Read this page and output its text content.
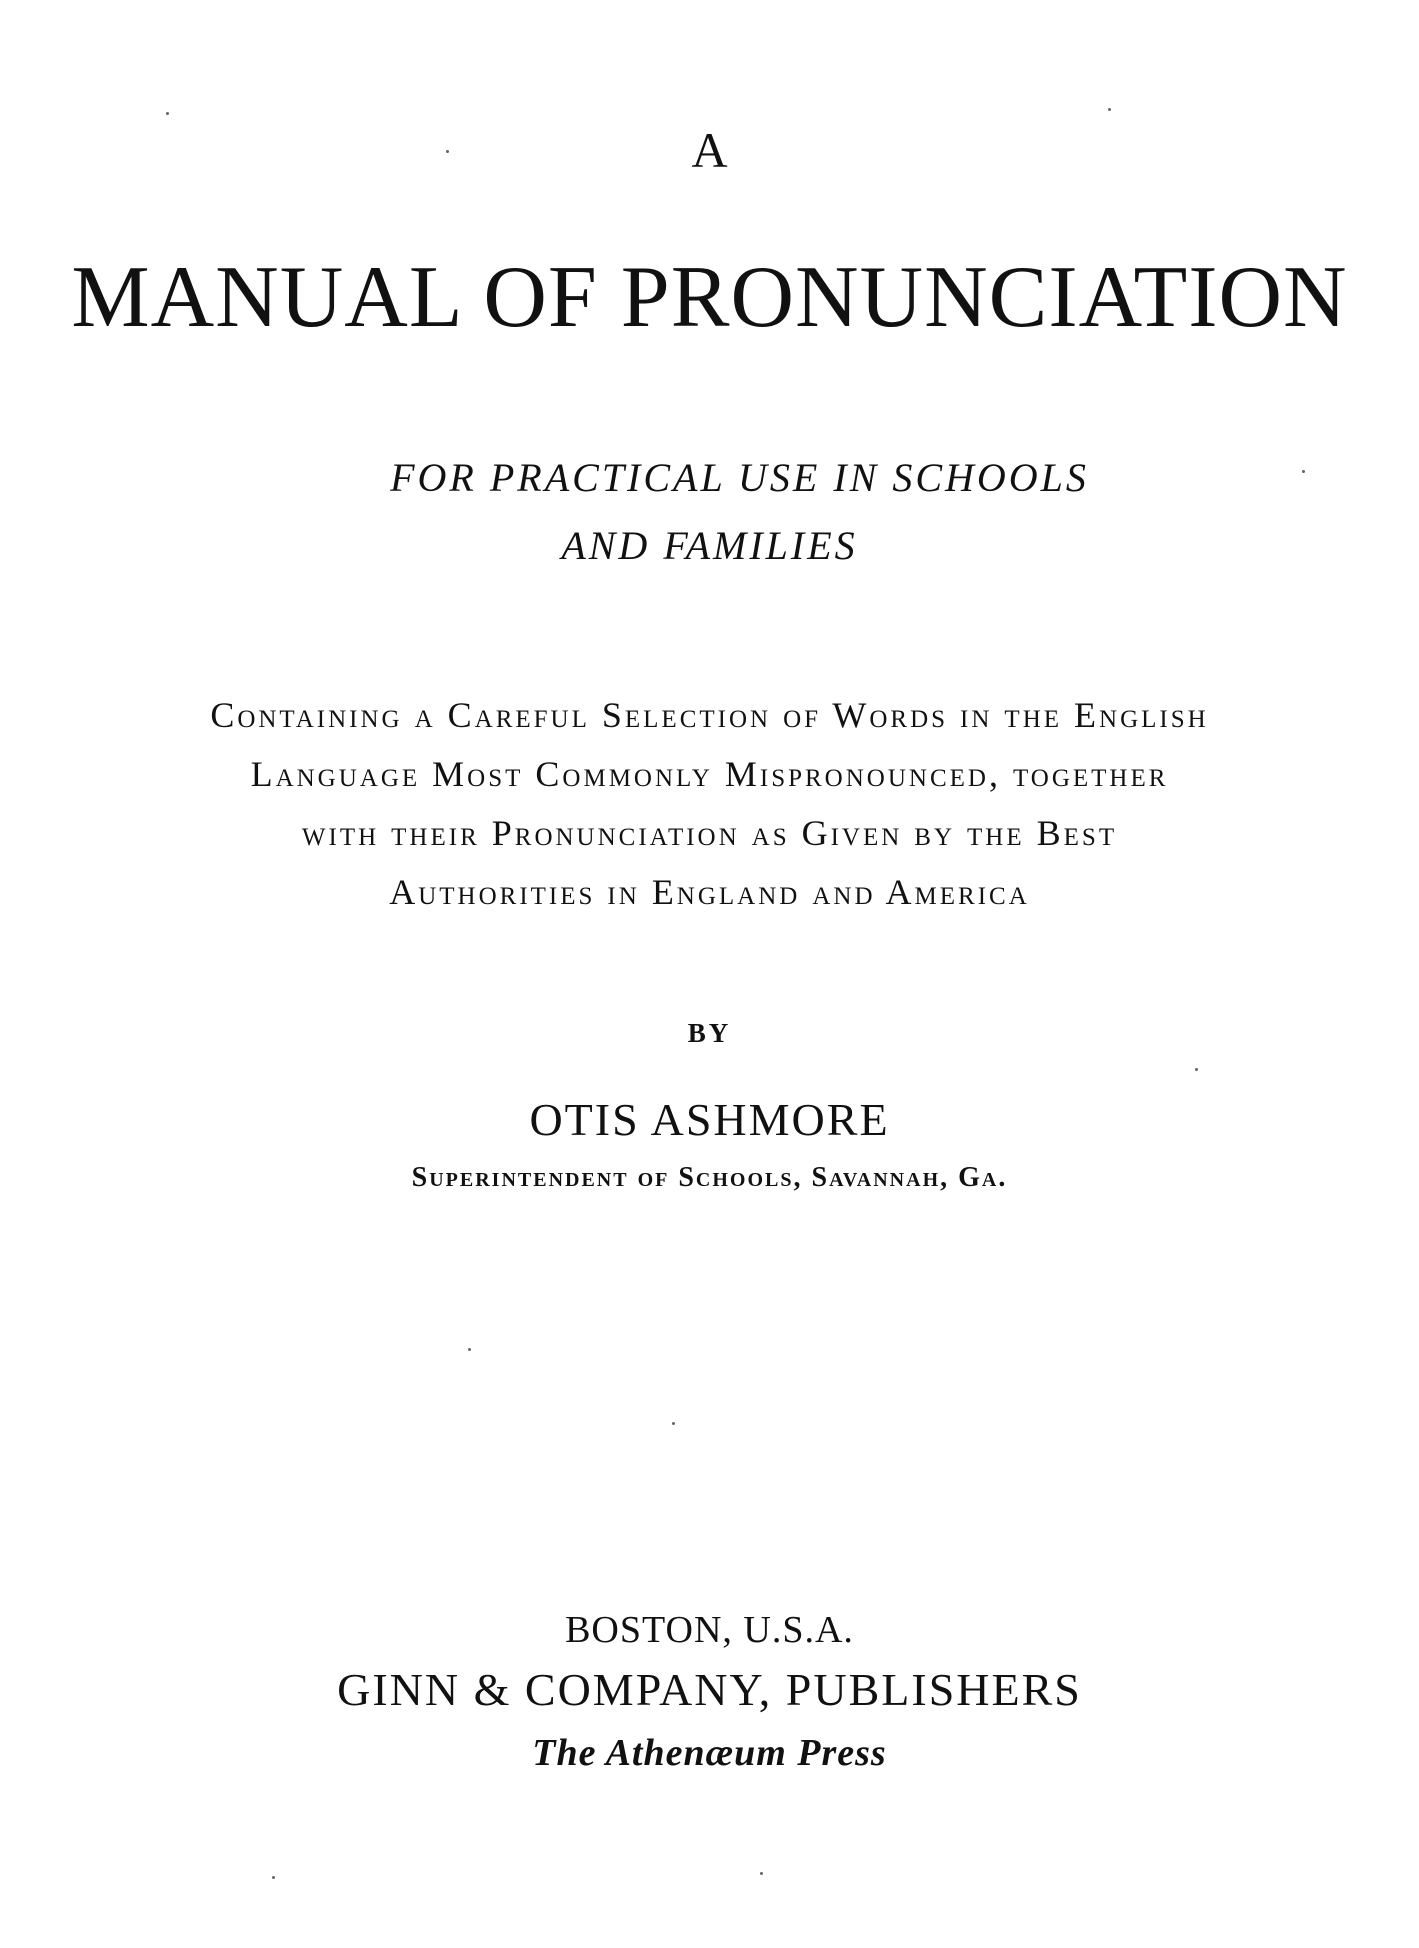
A
MANUAL OF PRONUNCIATION
FOR PRACTICAL USE IN SCHOOLS
AND FAMILIES
Containing a Careful Selection of Words in the English
Language Most Commonly Mispronounced, together
with their Pronunciation as Given by the Best
Authorities in England and America
BY
OTIS ASHMORE
Superintendent of Schools, Savannah, Ga.
BOSTON, U.S.A.
GINN & COMPANY, PUBLISHERS
The Athenæum Press
